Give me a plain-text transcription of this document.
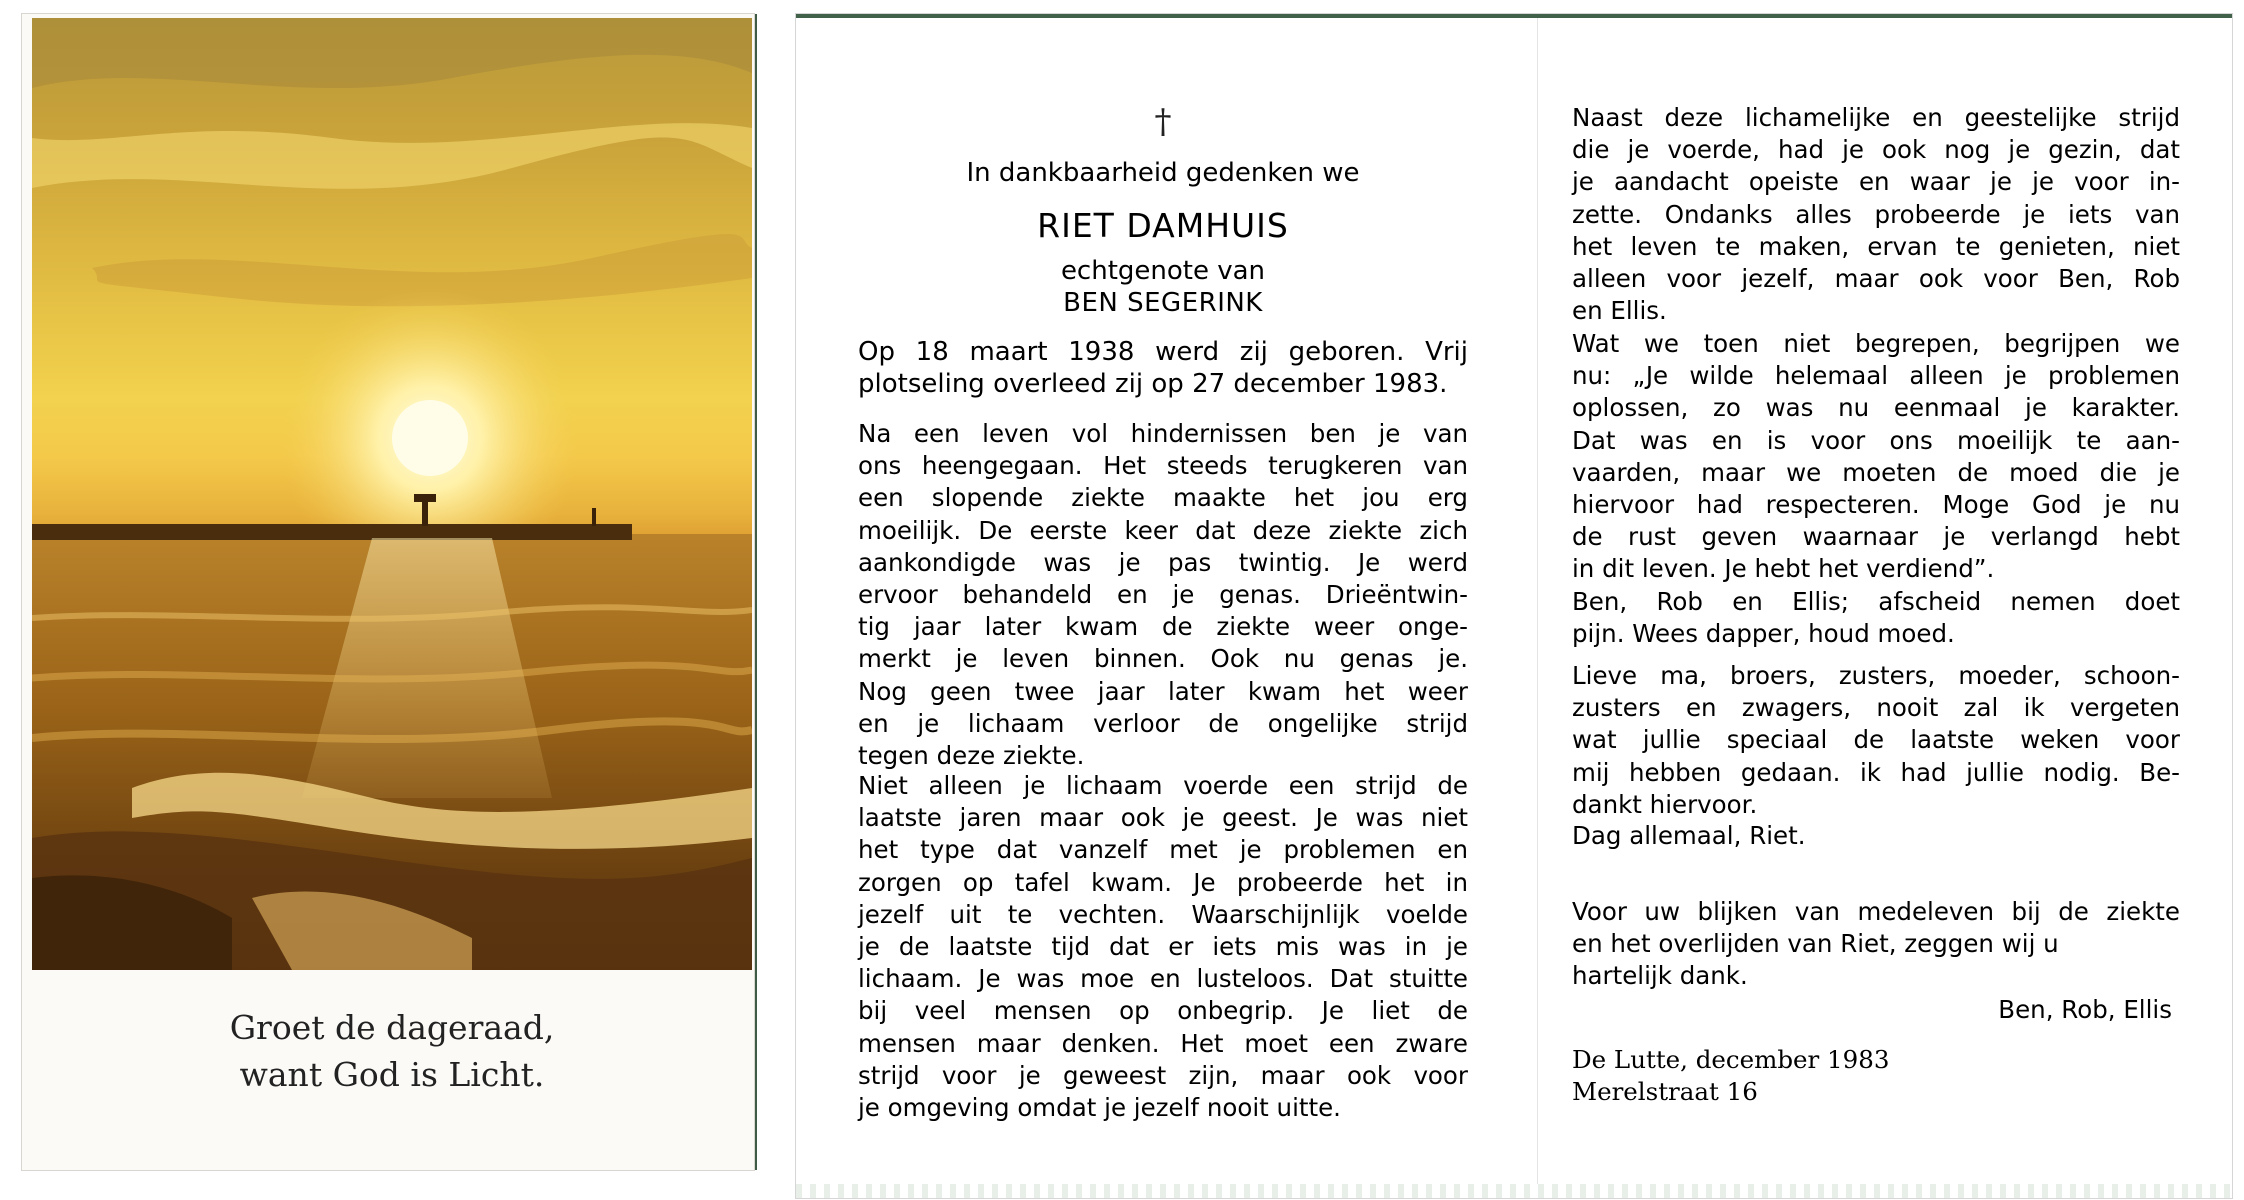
Groet de dageraad,
want God is Licht.
†
In dankbaarheid gedenken we
RIET DAMHUIS
echtgenote van
BEN SEGERINK
Op 18 maart 1938 werd zij geboren. Vrij
plotseling overleed zij op 27 december 1983.
Na een leven vol hindernissen ben je van
ons heengegaan. Het steeds terugkeren van
een slopende ziekte maakte het jou erg
moeilijk. De eerste keer dat deze ziekte zich
aankondigde was je pas twintig. Je werd
ervoor behandeld en je genas. Drieëntwin-
tig jaar later kwam de ziekte weer onge-
merkt je leven binnen. Ook nu genas je.
Nog geen twee jaar later kwam het weer
en je lichaam verloor de ongelijke strijd
tegen deze ziekte.
Niet alleen je lichaam voerde een strijd de
laatste jaren maar ook je geest. Je was niet
het type dat vanzelf met je problemen en
zorgen op tafel kwam. Je probeerde het in
jezelf uit te vechten. Waarschijnlijk voelde
je de laatste tijd dat er iets mis was in je
lichaam. Je was moe en lusteloos. Dat stuitte
bij veel mensen op onbegrip. Je liet de
mensen maar denken. Het moet een zware
strijd voor je geweest zijn, maar ook voor
je omgeving omdat je jezelf nooit uitte.
Naast deze lichamelijke en geestelijke strijd
die je voerde, had je ook nog je gezin, dat
je aandacht opeiste en waar je je voor in-
zette. Ondanks alles probeerde je iets van
het leven te maken, ervan te genieten, niet
alleen voor jezelf, maar ook voor Ben, Rob
en Ellis.
Wat we toen niet begrepen, begrijpen we
nu: „Je wilde helemaal alleen je problemen
oplossen, zo was nu eenmaal je karakter.
Dat was en is voor ons moeilijk te aan-
vaarden, maar we moeten de moed die je
hiervoor had respecteren. Moge God je nu
de rust geven waarnaar je verlangd hebt
in dit leven. Je hebt het verdiend”.
Ben, Rob en Ellis; afscheid nemen doet
pijn. Wees dapper, houd moed.
Lieve ma, broers, zusters, moeder, schoon-
zusters en zwagers, nooit zal ik vergeten
wat jullie speciaal de laatste weken voor
mij hebben gedaan. ik had jullie nodig. Be-
dankt hiervoor.
Dag allemaal, Riet.
Voor uw blijken van medeleven bij de ziekte
en het overlijden van Riet, zeggen wij u
hartelijk dank.
Ben, Rob, Ellis
De Lutte, december 1983
Merelstraat 16
